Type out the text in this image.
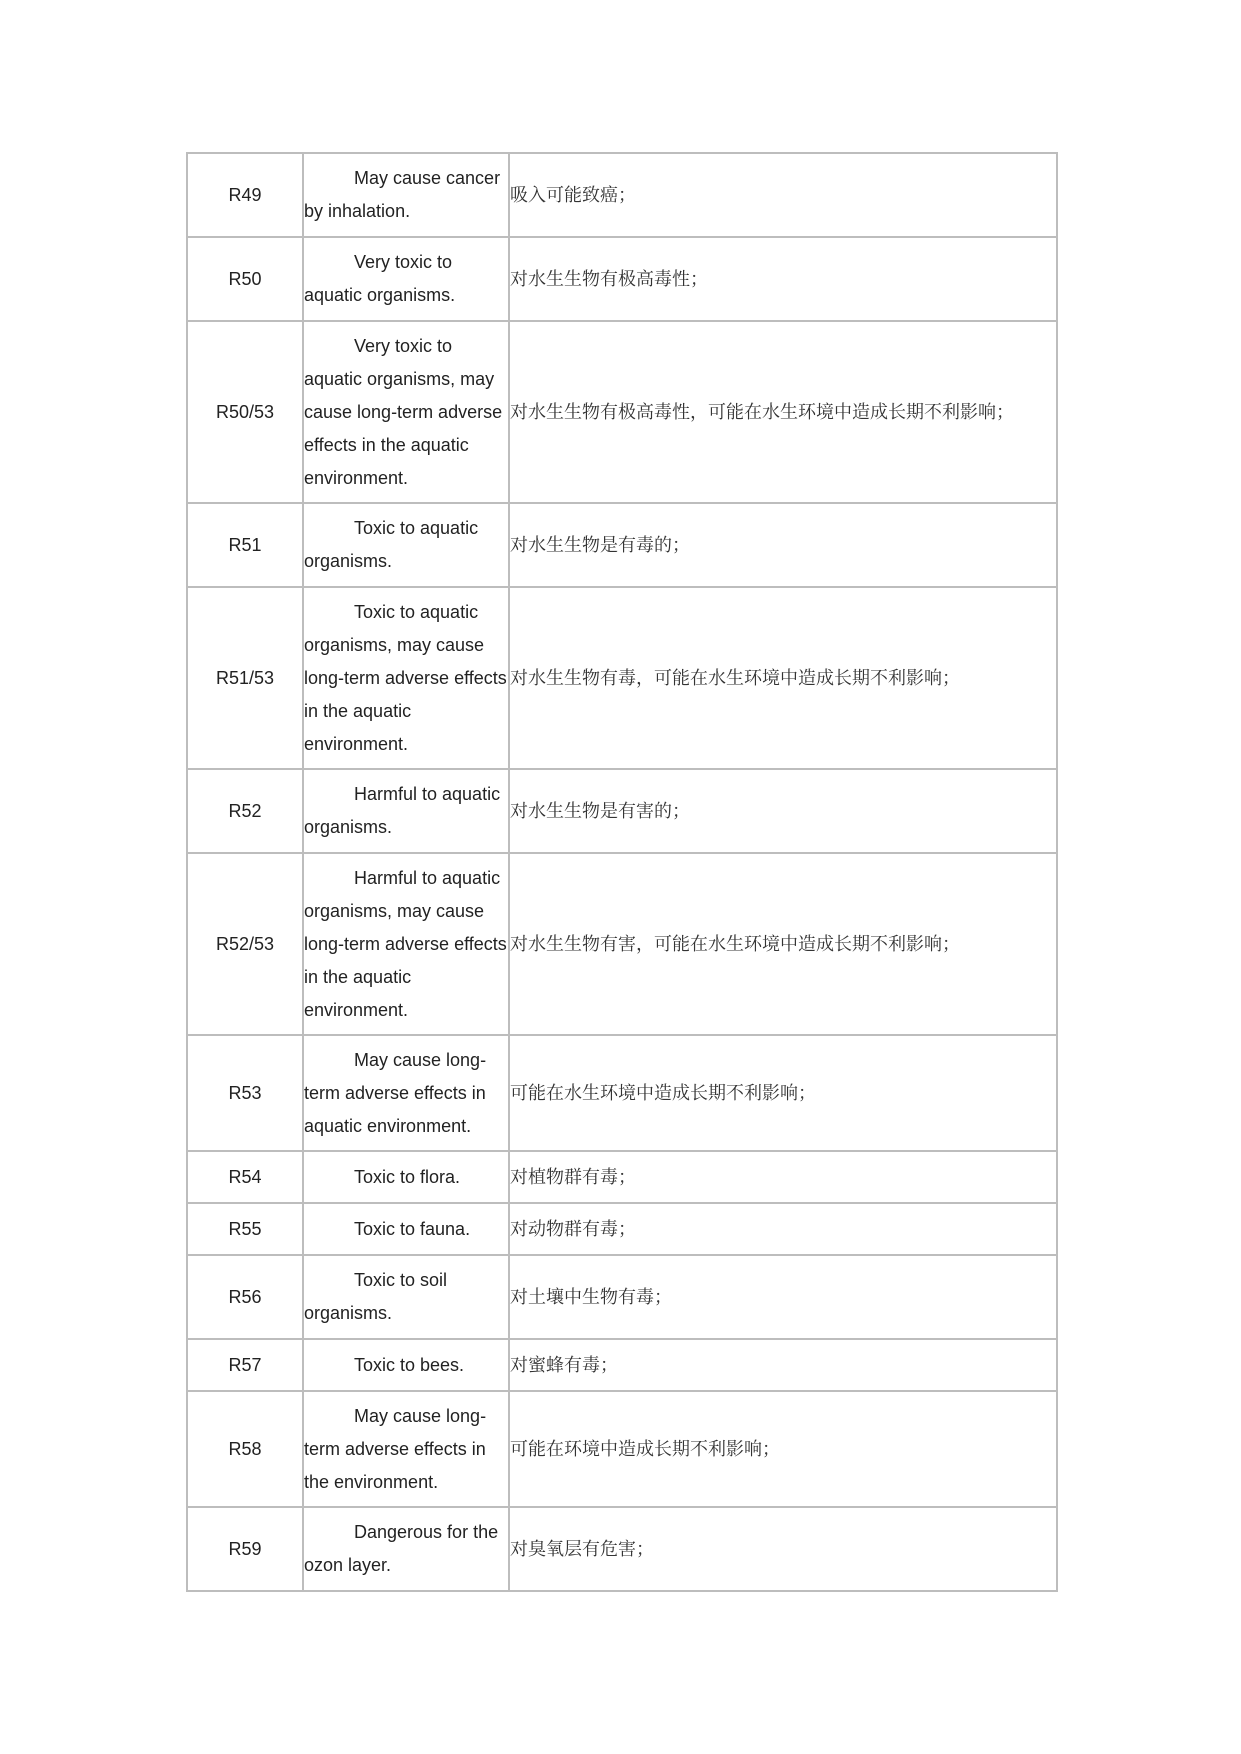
R49	May cause cancer by inhalation.	吸入可能致癌；
R50	Very toxic to aquatic organisms.	对水生生物有极高毒性；
R50/53	Very toxic to aquatic organisms, may cause long-term adverse effects in the aquatic environment.	对水生生物有极高毒性，可能在水生环境中造成长期不利影响；
R51	Toxic to aquatic organisms.	对水生生物是有毒的；
R51/53	Toxic to aquatic organisms, may cause long-term adverse effects in the aquatic environment.	对水生生物有毒，可能在水生环境中造成长期不利影响；
R52	Harmful to aquatic organisms.	对水生生物是有害的；
R52/53	Harmful to aquatic organisms, may cause long-term adverse effects in the aquatic environment.	对水生生物有害，可能在水生环境中造成长期不利影响；
R53	May cause long-term adverse effects in aquatic environment.	可能在水生环境中造成长期不利影响；
R54	Toxic to flora.	对植物群有毒；
R55	Toxic to fauna.	对动物群有毒；
R56	Toxic to soil organisms.	对土壤中生物有毒；
R57	Toxic to bees.	对蜜蜂有毒；
R58	May cause long-term adverse effects in the environment.	可能在环境中造成长期不利影响；
R59	Dangerous for the ozon layer.	对臭氧层有危害；
